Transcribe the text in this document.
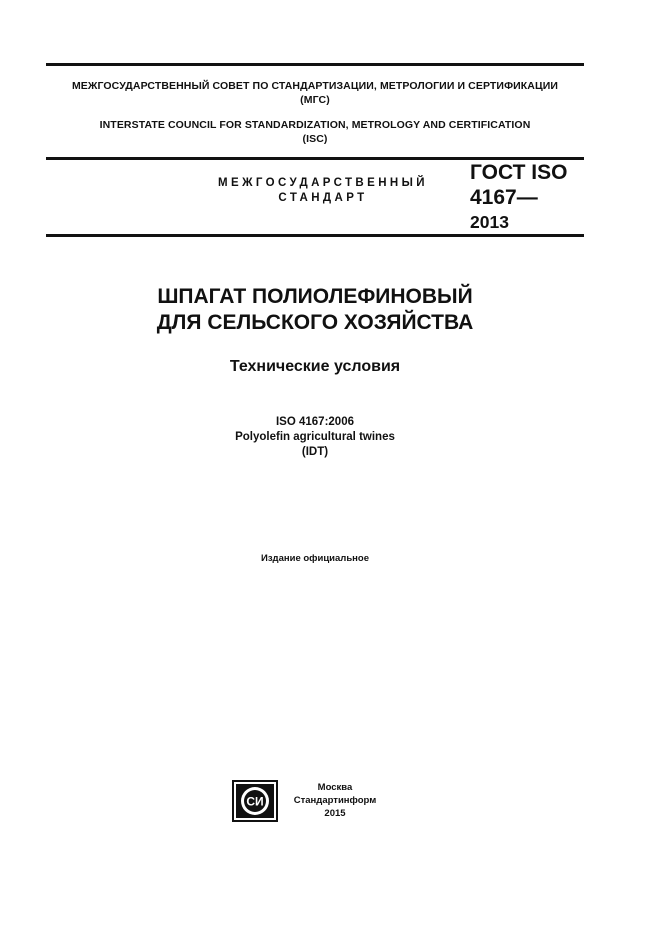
МЕЖГОСУДАРСТВЕННЫЙ СОВЕТ ПО СТАНДАРТИЗАЦИИ, МЕТРОЛОГИИ И СЕРТИФИКАЦИИ
(МГС)
INTERSTATE COUNCIL FOR STANDARDIZATION, METROLOGY AND CERTIFICATION
(ISC)
МЕЖГОСУДАРСТВЕННЫЙ
СТАНДАРТ
ГОСТ ISO
4167—
2013
ШПАГАТ ПОЛИОЛЕФИНОВЫЙ
ДЛЯ СЕЛЬСКОГО ХОЗЯЙСТВА
Технические условия
ISO 4167:2006
Polyolefin agricultural twines
(IDT)
Издание официальное
СИ
Москва
Стандартинформ
2015
